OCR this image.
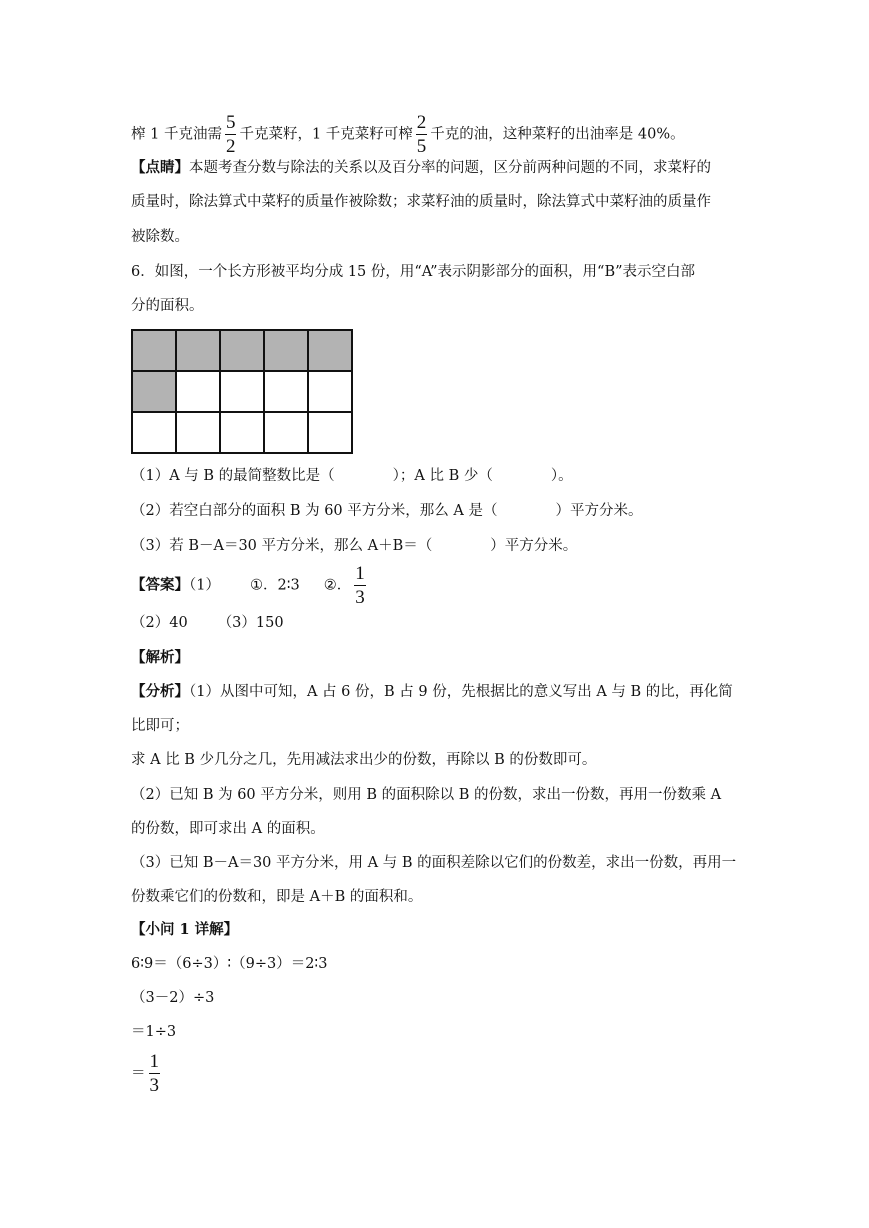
榨 1 千克油需 $\frac{5}{2}$ 千克菜籽，1 千克菜籽可榨 $\frac{2}{5}$ 千克的油，这种菜籽的出油率是 40%。
【点睛】本题考查分数与除法的关系以及百分率的问题，区分前两种问题的不同，求菜籽的
质量时，除法算式中菜籽的质量作被除数；求菜籽油的质量时，除法算式中菜籽油的质量作
被除数。
6．如图，一个长方形被平均分成 15 份，用“A”表示阴影部分的面积，用“B”表示空白部
分的面积。

（1）A 与 B 的最简整数比是（　　　　）；A 比 B 少（　　　　）。
（2）若空白部分的面积 B 为 60 平方分米，那么 A 是（　　　　）平方分米。
（3）若 B－A＝30 平方分米，那么 A＋B＝（　　　　）平方分米。
【答案】（1） ①．2∶3 ②． $\frac{1}{3}$
（2）40 （3）150
【解析】
【分析】（1）从图中可知，A 占 6 份，B 占 9 份，先根据比的意义写出 A 与 B 的比，再化简
比即可；
求 A 比 B 少几分之几，先用减法求出少的份数，再除以 B 的份数即可。
（2）已知 B 为 60 平方分米，则用 B 的面积除以 B 的份数，求出一份数，再用一份数乘 A
的份数，即可求出 A 的面积。
（3）已知 B－A＝30 平方分米，用 A 与 B 的面积差除以它们的份数差，求出一份数，再用一
份数乘它们的份数和，即是 A＋B 的面积和。
【小问 1 详解】
6∶9＝（6÷3）∶（9÷3）＝2∶3
（3－2）÷3
＝1÷3
＝ $\frac{1}{3}$
